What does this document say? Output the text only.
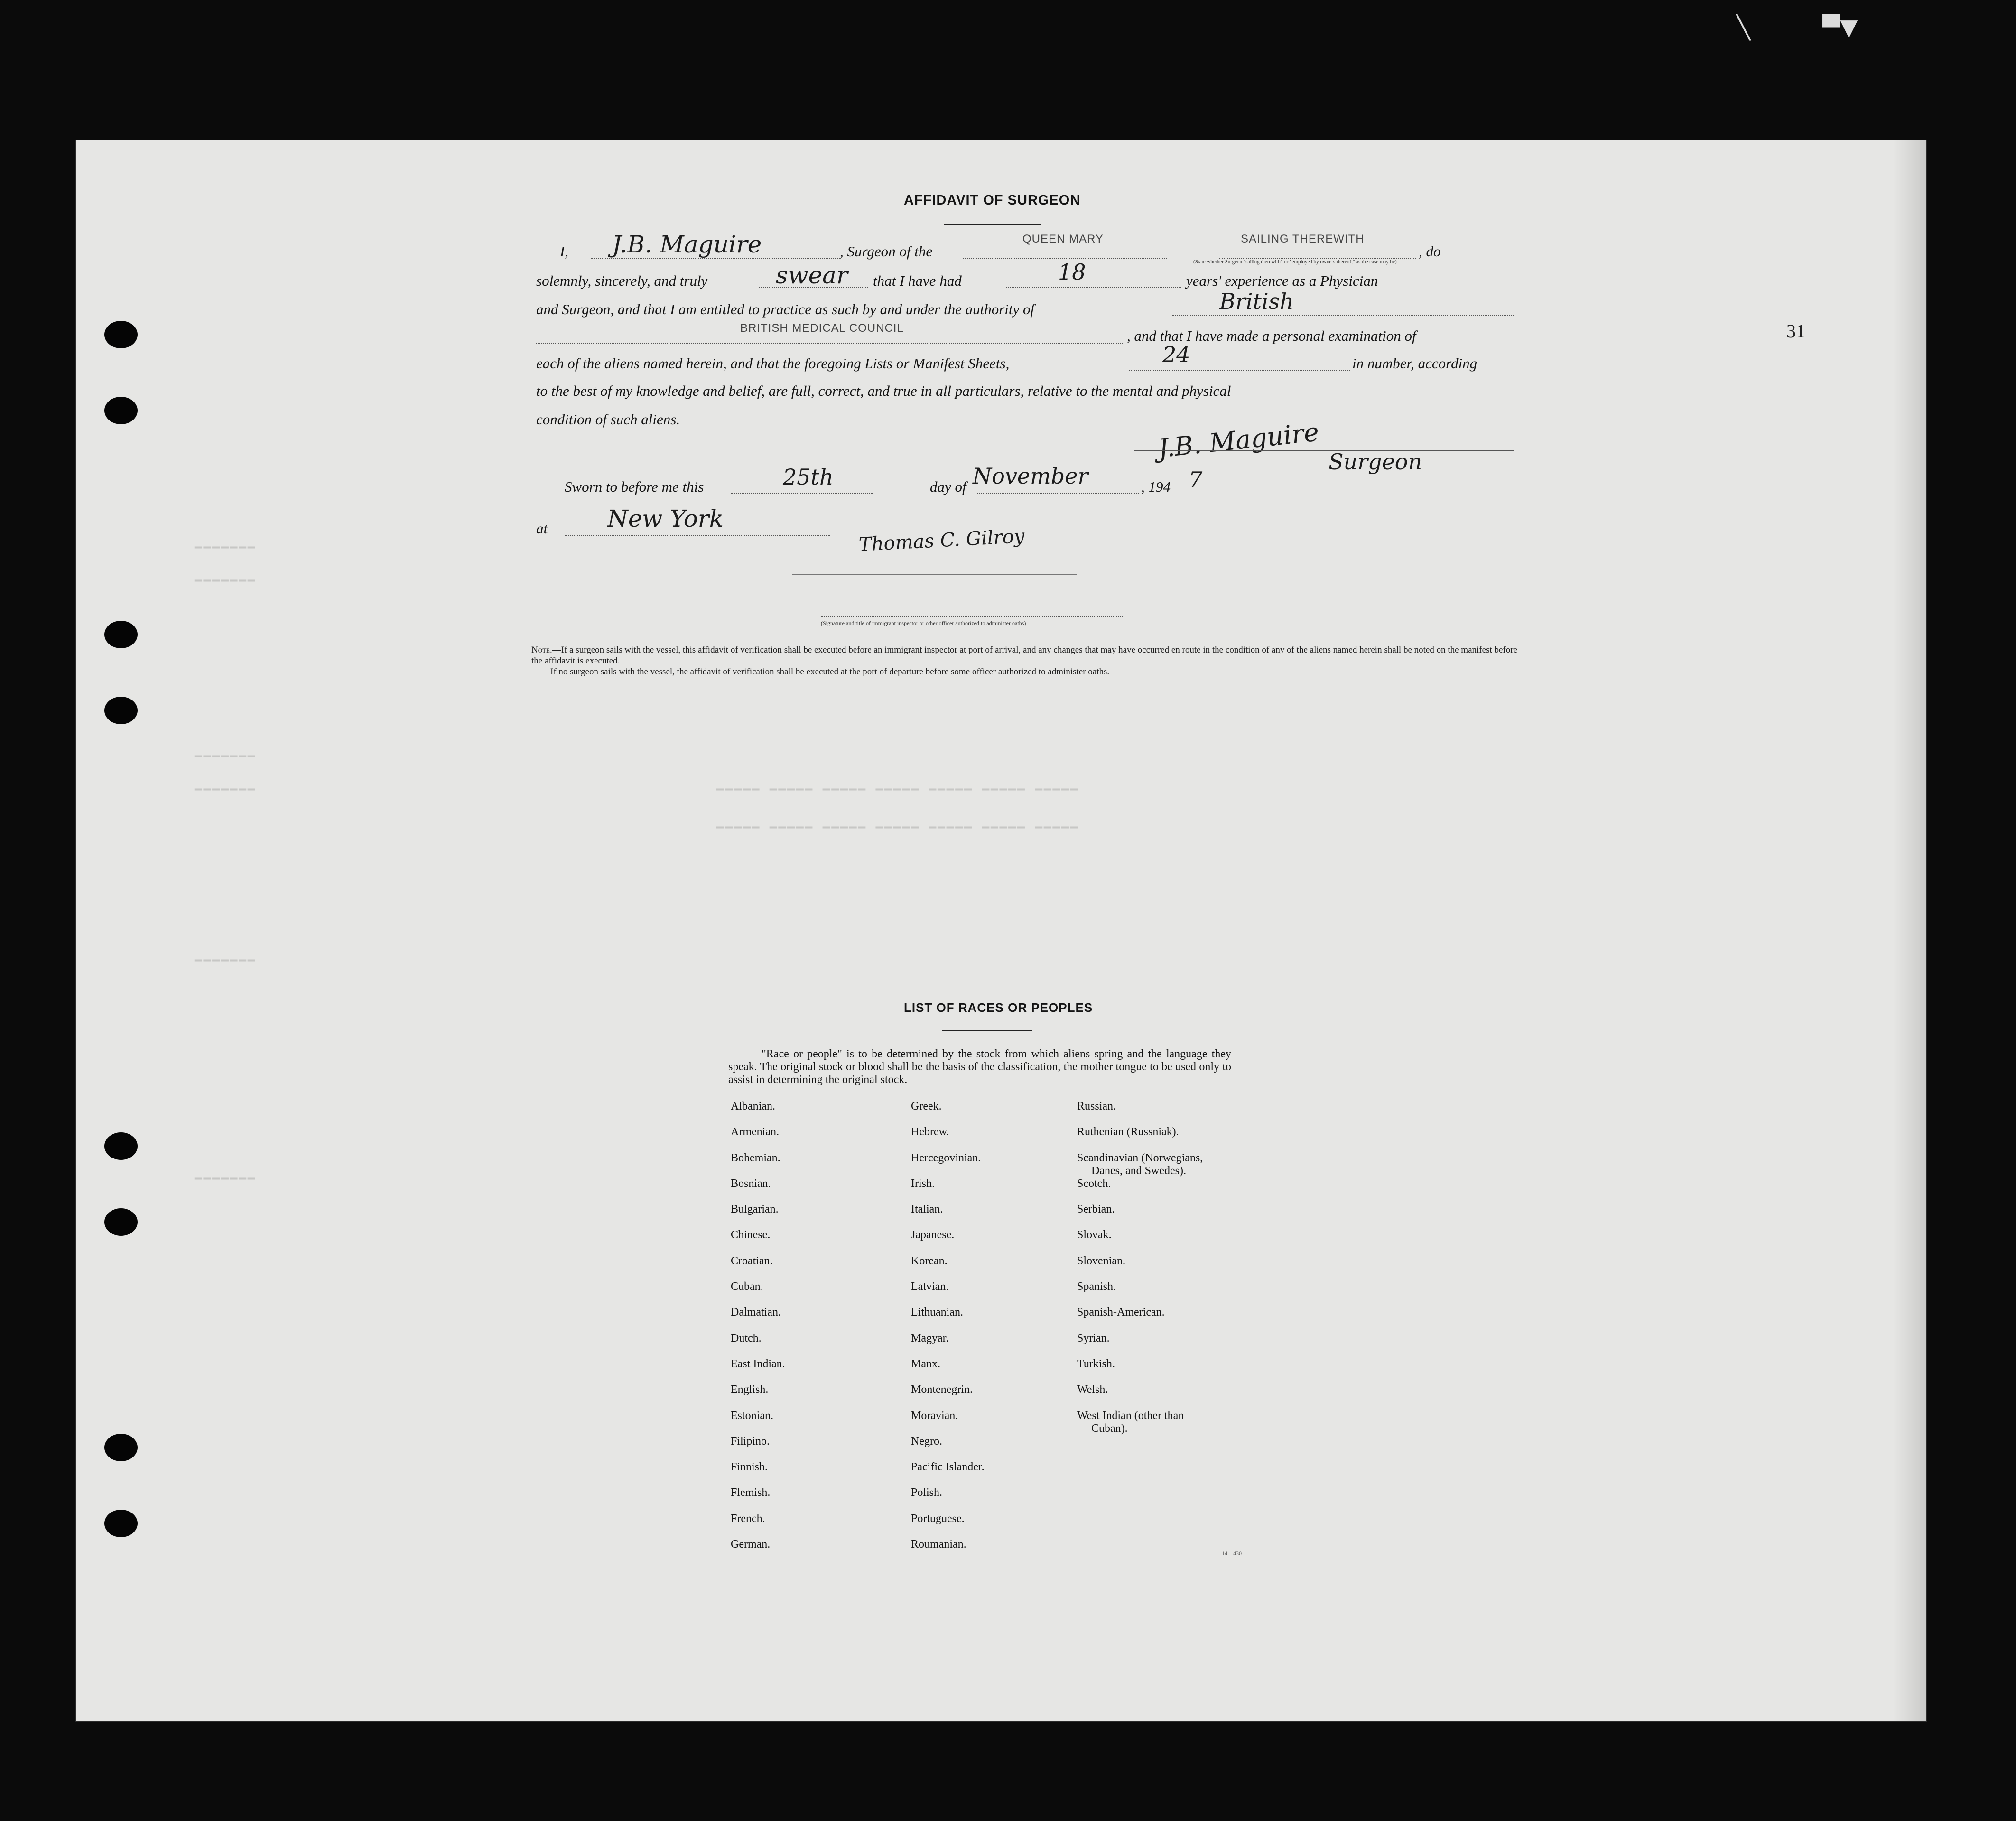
╲          ▀▼
▁▁▁▁▁▁▁
▁▁▁▁▁▁▁
▁▁▁▁▁▁▁
▁▁▁▁▁▁▁	▁▁▁▁▁ ▁▁▁▁▁ ▁▁▁▁▁ ▁▁▁▁▁ ▁▁▁▁▁ ▁▁▁▁▁ ▁▁▁▁▁
▁▁▁▁▁ ▁▁▁▁▁ ▁▁▁▁▁ ▁▁▁▁▁ ▁▁▁▁▁ ▁▁▁▁▁ ▁▁▁▁▁
▁▁▁▁▁▁▁
▁▁▁▁▁▁▁
AFFIDAVIT OF SURGEON
I, J.B. Maguire	, Surgeon of the
QUEEN MARY	SAILING THEREWITH
(State whether Surgeon "sailing therewith" or "employed by owners thereof," as the case may be)
, do
solemnly, sincerely, and truly	swear that I have had	18	years' experience as a Physician
and Surgeon, and that I am entitled to practice as such by and under the authority of	British
BRITISH MEDICAL COUNCIL	, and that I have made a personal examination of
each of the aliens named herein, and that the foregoing Lists or Manifest Sheets,	24	in number, according
to the best of my knowledge and belief, are full, correct, and true in all particulars, relative to the mental and physical
condition of such aliens.	J.B. Maguire Surgeon
Sworn to before me this	25th	day of November	, 194 7
at	New York
Thomas C. Gilroy
(Signature and title of immigrant inspector or other officer authorized to administer oaths)
Note.—If a surgeon sails with the vessel, this affidavit of verification shall be executed before an immigrant inspector at port of arrival, and any changes that may have occurred en route in the condition of any of the aliens named herein shall be noted on the manifest before the affidavit is executed.
If no surgeon sails with the vessel, the affidavit of verification shall be executed at the port of departure before some officer authorized to administer oaths.
31
LIST OF RACES OR PEOPLES
"Race or people" is to be determined by the stock from which aliens spring and the language they speak. The original stock or blood shall be the basis of the classification, the mother tongue to be used only to assist in determining the original stock.
Albanian.
Armenian.
Bohemian.
Bosnian.
Bulgarian.
Chinese.
Croatian.
Cuban.
Dalmatian.
Dutch.
East Indian.
English.
Estonian.
Filipino.
Finnish.
Flemish.
French.
German.
Greek.
Hebrew.
Hercegovinian.
Irish.
Italian.
Japanese.
Korean.
Latvian.
Lithuanian.
Magyar.
Manx.
Montenegrin.
Moravian.
Negro.
Pacific Islander.
Polish.
Portuguese.
Roumanian.
Russian.
Ruthenian (Russniak).
Scandinavian (Norwegians,
Danes, and Swedes).
Scotch.
Serbian.
Slovak.
Slovenian.
Spanish.
Spanish-American.
Syrian.
Turkish.
Welsh.
West Indian (other than
Cuban).
14—430
